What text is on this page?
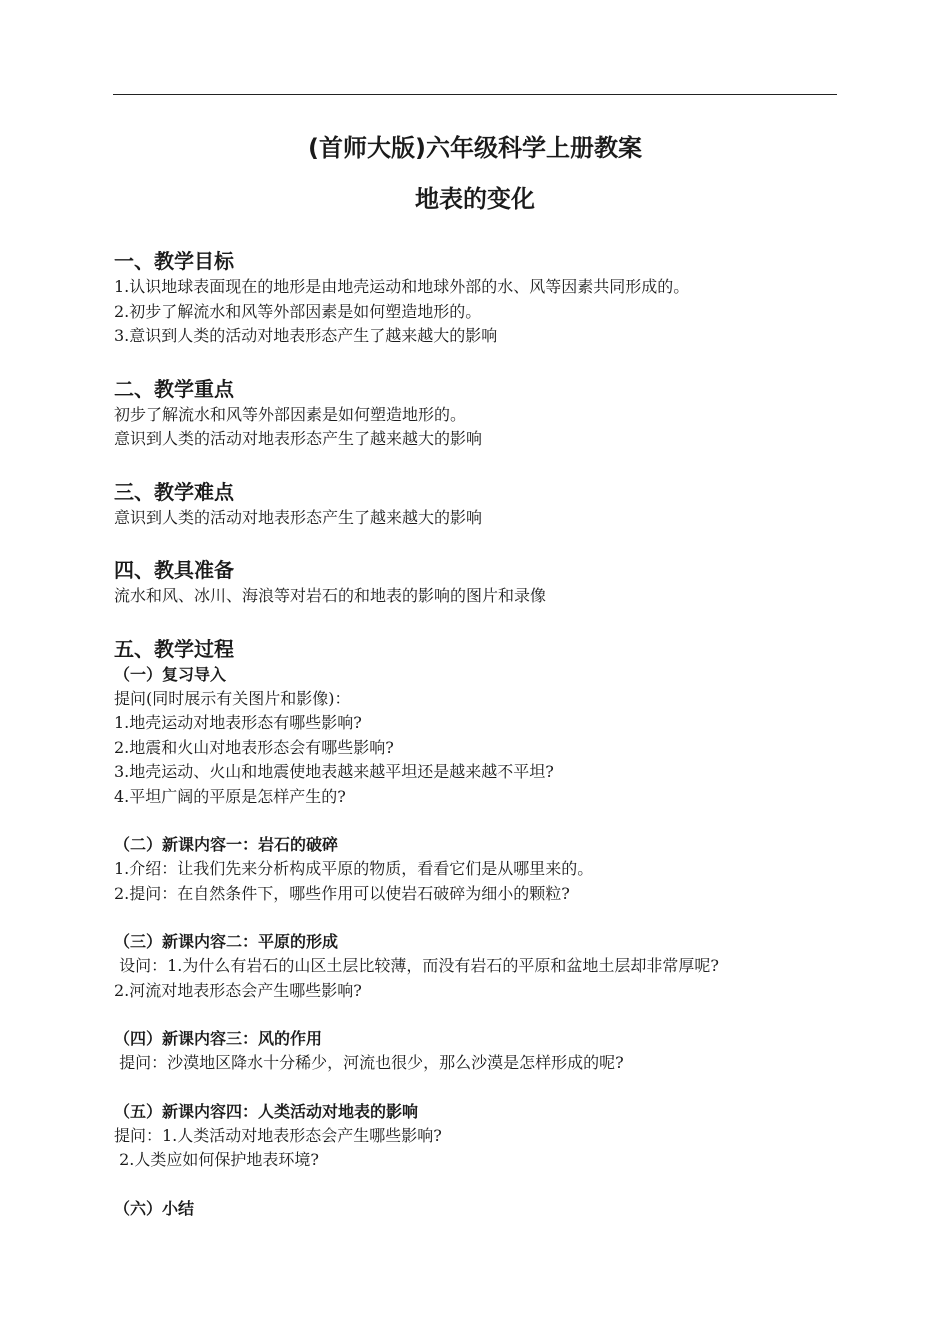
(首师大版)六年级科学上册教案
地表的变化

一、教学目标

1.认识地球表面现在的地形是由地壳运动和地球外部的水、风等因素共同形成的。

2.初步了解流水和风等外部因素是如何塑造地形的。

3.意识到人类的活动对地表形态产生了越来越大的影响

二、教学重点

初步了解流水和风等外部因素是如何塑造地形的。

意识到人类的活动对地表形态产生了越来越大的影响

三、教学难点

意识到人类的活动对地表形态产生了越来越大的影响

四、教具准备

流水和风、冰川、海浪等对岩石的和地表的影响的图片和录像

五、教学过程

（一）复习导入

提问(同时展示有关图片和影像)：

1.地壳运动对地表形态有哪些影响?

2.地震和火山对地表形态会有哪些影响?

3.地壳运动、火山和地震使地表越来越平坦还是越来越不平坦?

4.平坦广阔的平原是怎样产生的?

（二）新课内容一：岩石的破碎

1.介绍：让我们先来分析构成平原的物质，看看它们是从哪里来的。

2.提问：在自然条件下，哪些作用可以使岩石破碎为细小的颗粒?

（三）新课内容二：平原的形成

设问：1.为什么有岩石的山区土层比较薄，而没有岩石的平原和盆地土层却非常厚呢?

2.河流对地表形态会产生哪些影响?

（四）新课内容三：风的作用

提问：沙漠地区降水十分稀少，河流也很少，那么沙漠是怎样形成的呢?

（五）新课内容四：人类活动对地表的影响

提问：1.人类活动对地表形态会产生哪些影响?

2.人类应如何保护地表环境?

（六）小结
